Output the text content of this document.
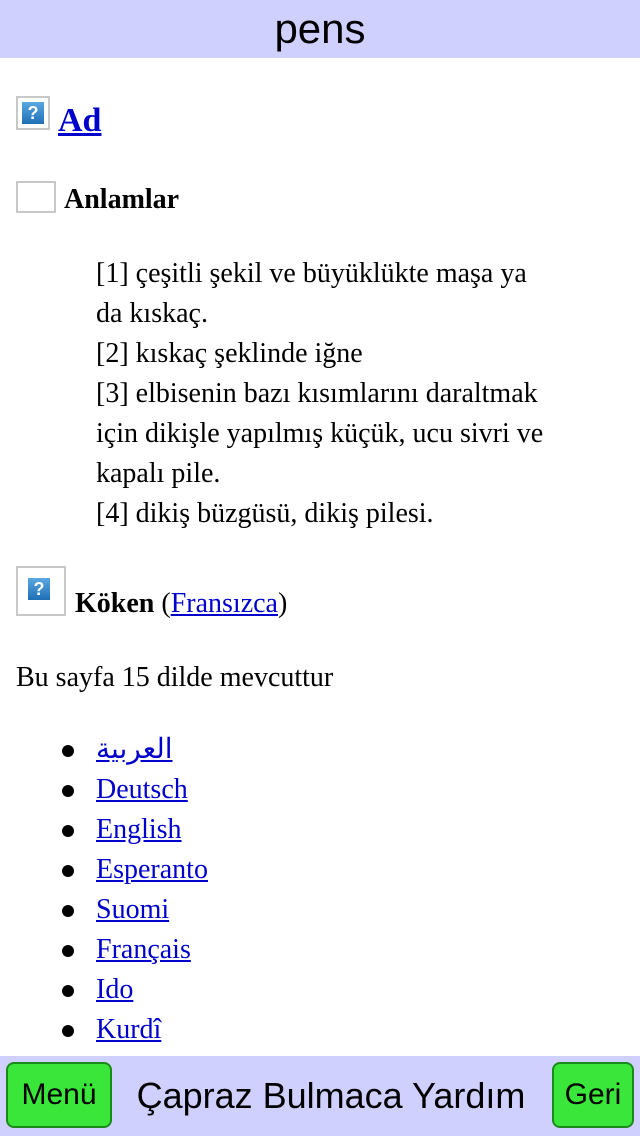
pens
? Ad
Anlamlar
[1] çeşitli şekil ve büyüklükte maşa ya
da kıskaç.
[2] kıskaç şeklinde iğne
[3] elbisenin bazı kısımlarını daraltmak
için dikişle yapılmış küçük, ucu sivri ve
kapalı pile.
[4] dikiş büzgüsü, dikiş pilesi.
? Köken (Fransızca)
Bu sayfa 15 dilde mevcuttur
العربية
Deutsch
English
Esperanto
Suomi
Français
Ido
Kurdî
Menü	Çapraz Bulmaca Yardım	Geri
